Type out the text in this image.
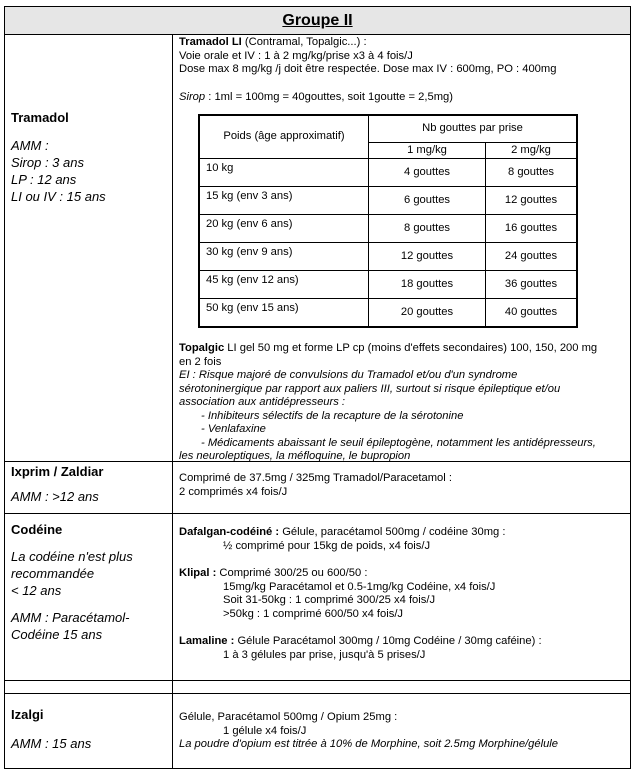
Groupe II
Tramadol
AMM :
Sirop : 3 ans
LP : 12 ans
LI ou IV : 15 ans
Tramadol LI (Contramal, Topalgic...) :
Voie orale et IV : 1 à 2 mg/kg/prise x3 à 4 fois/J
Dose max 8 mg/kg /j doit être respectée. Dose max IV : 600mg, PO : 400mg
Sirop : 1ml = 100mg = 40gouttes, soit 1goutte = 2,5mg)
Poids (âge approximatif)	Nb gouttes par prise	
	1 mg/kg	2 mg/kg
10 kg	4 gouttes	8 gouttes
15 kg (env 3 ans)	6 gouttes	12 gouttes
20 kg (env 6 ans)	8 gouttes	16 gouttes
30 kg (env 9 ans)	12 gouttes	24 gouttes
45 kg (env 12 ans)	18 gouttes	36 gouttes
50 kg (env 15 ans)	20 gouttes	40 gouttes
Topalgic LI gel 50 mg et forme LP cp (moins d'effets secondaires) 100, 150, 200 mg
en 2 fois
EI : Risque majoré de convulsions du Tramadol et/ou d'un syndrome
sérotoninergique par rapport aux paliers III, surtout si risque épileptique et/ou
association aux antidépresseurs :
- Inhibiteurs sélectifs de la recapture de la sérotonine
- Venlafaxine
- Médicaments abaissant le seuil épileptogène, notamment les antidépresseurs,
les neuroleptiques, la méfloquine, le bupropion
Ixprim / Zaldiar
AMM : >12 ans
Comprimé de 37.5mg / 325mg Tramadol/Paracetamol :
2 comprimés x4 fois/J
Codéine
La codéine n'est plus
recommandée
< 12 ans
AMM : Paracétamol-
Codéine 15 ans
Dafalgan-codéiné : Gélule, paracétamol 500mg / codéine 30mg :
½ comprimé pour 15kg de poids, x4 fois/J
Klipal : Comprimé 300/25 ou 600/50 :
15mg/kg Paracétamol et 0.5-1mg/kg Codéine, x4 fois/J
Soit 31-50kg : 1 comprimé 300/25 x4 fois/J
>50kg : 1 comprimé 600/50 x4 fois/J
Lamaline : Gélule Paracétamol 300mg / 10mg Codéine / 30mg caféine) :
1 à 3 gélules par prise, jusqu'à 5 prises/J
Izalgi
AMM : 15 ans
Gélule, Paracétamol 500mg / Opium 25mg :
1 gélule x4 fois/J
La poudre d'opium est titrée à 10% de Morphine, soit 2.5mg Morphine/gélule
